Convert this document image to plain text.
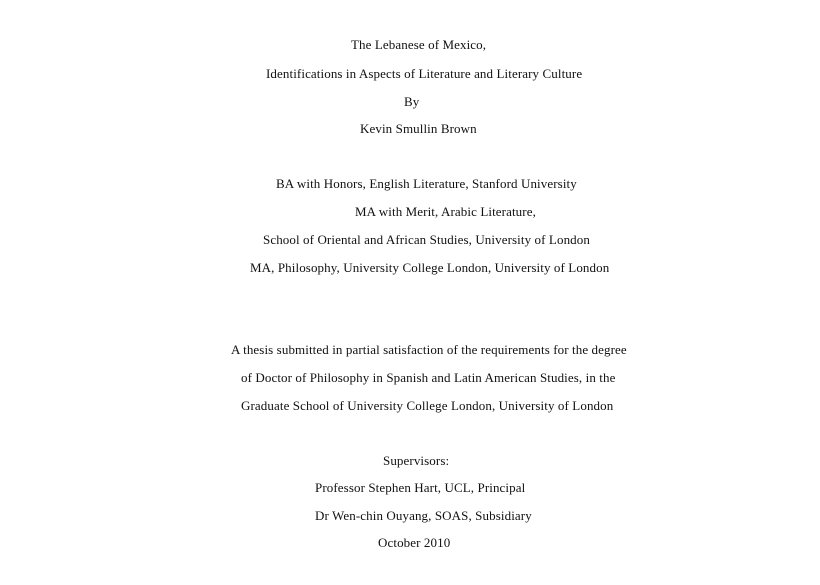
The Lebanese of Mexico,
Identifications in Aspects of Literature and Literary Culture
By
Kevin Smullin Brown
BA with Honors, English Literature, Stanford University
MA with Merit, Arabic Literature,
School of Oriental and African Studies, University of London
MA, Philosophy, University College London, University of London
A thesis submitted in partial satisfaction of the requirements for the degree
of Doctor of Philosophy in Spanish and Latin American Studies, in the
Graduate School of University College London, University of London
Supervisors:
Professor Stephen Hart, UCL, Principal
Dr Wen-chin Ouyang, SOAS, Subsidiary
October 2010
